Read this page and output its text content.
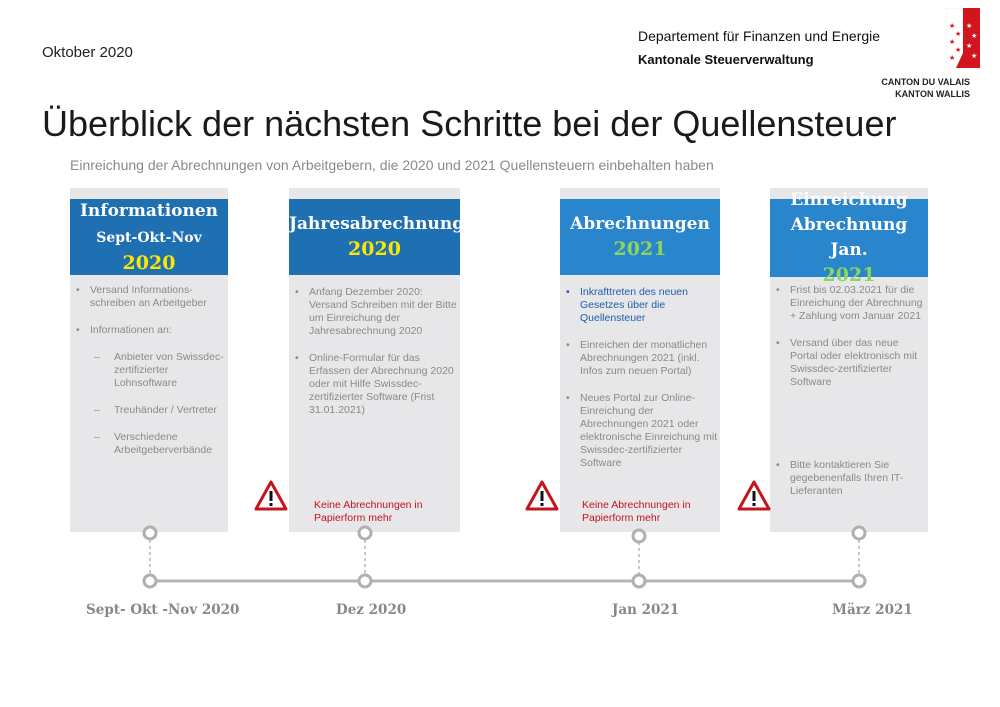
Oktober 2020
Departement für Finanzen und Energie
Kantonale Steuerverwaltung
★
★
★
★
★
★
★
★
★
CANTON DU VALAIS
KANTON WALLIS
Überblick der nächsten Schritte bei der Quellensteuer
Einreichung der Abrechnungen von Arbeitgebern, die 2020 und 2021 Quellensteuern einbehalten haben
Informationen
Sept-Okt-Nov 2020
• Versand Informations-schreiben an Arbeitgeber
• Informationen an:
– Anbieter von Swissdec-zertifizierter Lohnsoftware
– Treuhänder / Vertreter
– Verschiedene Arbeitgeberverbände
Jahresabrechnung
2020
• Anfang Dezember 2020: Versand Schreiben mit der Bitte um Einreichung der Jahresabrechnung 2020
• Online-Formular für das Erfassen der Abrechnung 2020 oder mit Hilfe Swissdec-zertifizierter Software (Frist 31.01.2021)
Keine Abrechnungen in Papierform mehr
Abrechnungen
2021
• Inkrafttreten des neuen Gesetzes über die Quellensteuer
• Einreichen der monatlichen Abrechnungen 2021 (inkl. Infos zum neuen Portal)
• Neues Portal zur Online-Einreichung der Abrechnungen 2021 oder elektronische Einreichung mit Swissdec-zertifizierter Software
Keine Abrechnungen in Papierform mehr
Einreichung
Abrechnung Jan.
2021
• Frist bis 02.03.2021 für die Einreichung der Abrechnung + Zahlung vom Januar 2021
• Versand über das neue Portal oder elektronisch mit Swissdec-zertifizierter Software
• Bitte kontaktieren Sie gegebenenfalls Ihren IT-Lieferanten
Sept- Okt -Nov 2020	Dez 2020	Jan 2021	März 2021
